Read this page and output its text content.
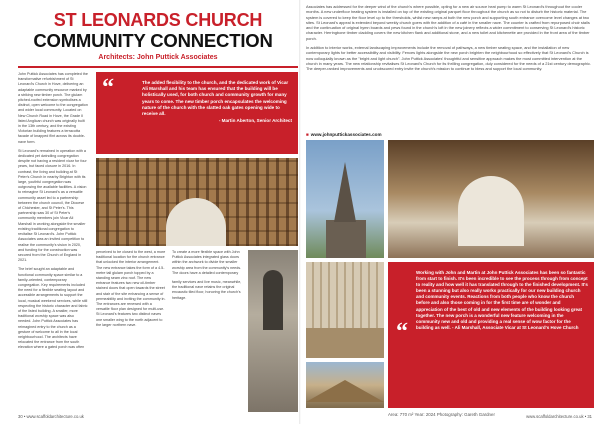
ST LEONARDS CHURCH
COMMUNITY CONNECTION
Architects: John Puttick Associates

John Puttick Associates has completed the transformative refurbishment of St Leonard's Church in Hove, delivering an adaptable community resource marked by a striking new timber porch. The glulam pitched-roofed extension symbolises a distinct, open welcome to the congregation and wider local community. Located on New Church Road in Hove, the Grade II listed Anglican church was originally built in the 13th century, and the existing Victorian building features a terracotta facade of knapped flint across its double-nave form.

St Leonard's remained in operation with a dedicated yet dwindling congregation despite not having a resident vicar for four years, but faced closure in 2016. In contrast, the living and building at St Peter's Church in nearby Brighton with its large, youthful congregation was outgrowing the available facilities. A vision to reimagine St Leonard's as a versatile community asset led to a partnership between the church council, the Diocese of Chichester, and St Peter's. This partnership saw 30 of St Peter's community members join Vicar Ali Marshall in working alongside the smaller existing traditional congregation to revitalise St Leonard's. John Puttick Associates was an invited competition to realise the community's vision in 2020, and funding for the construction was secured from the Church of England in 2021.

The brief sought an adaptable and functional community space similar to a family-oriented, contemporary congregation. Key requirements included the need for a flexible seating layout and accessible arrangements to support the local, musical weekend services, while still respecting the historic character and fabric of the listed building. A smaller, more traditional worship space was also needed. John Puttick Associates has reimagined entry to the church as a gesture of welcome to all in the local neighbourhood. The architects have relocated the entrance from the south elevation where a gated porch was often

“	The added flexibility to the church, and the dedicated work of Vicar Ali Marshall and his team has ensured that the building will be holistically used, for both church and community growth for many years to come. The new timber porch encapsulates the welcoming nature of the church with the slatted oak gates opening wide to receive all.
- Martin Aberton, Senior Architect

perceived to be closed to the west, a more traditional location for the church entrance that unlocked the interior arrangement. The new entrance takes the form of a 4.5-metre tall glulam porch topped by a standing seam zinc roof. The new entrance features two new oil-timber stained doors that open towards the street and stair of the site enhancing a sense of permeability and inviting the community in. The entrances are renewed with a versatile floor plan designed for multi-use. St Leonard's features two distinct naves one smaller wing to the north adjacent to the larger northern nave.

To create a more flexible space with John Puttick Associates integrated glass doors within the archwork to divide the smaller worship area from the community's needs. The doors have a detailed contemporary

family services and live music, meanwhile, the traditional nave retains the original encaustic tiled floor, honoring the church's heritage.

30 • www.scaffoldarchitecture.co.uk

Associates has addressed for the deeper wind of the church's where possible, opting for a new air source heat pump to warm St Leonard's throughout the cooler months. A new underfloor heating system is installed on top of the existing original parquet floor throughout the church as so not to disturb the historic material. The system is covered to keep the floor level up to the thresholds, whilst new ramps at both the new porch and supporting south entrance overcome level changes at two sites. St Leonard's appeal is extended beyond weekly church goers with the addition of a café in the smaller nave. The counter is crafted from repurposed choir stalls and the continuation of original hymn boards and pews found in the church's loft in the new joinery reflects a wider commitment to conserving St Leonard's historic character. Herringbone timber cladding covers the new kitchen flank and additional stone, and a new toilet and kitchenette are provided in the front area of the timber porch.

In addition to interior works, external landscaping improvements include the removal of pathways, a new timber seating space, and the installation of new contemporary lights for better accessibility and visibility. Fences lights alongside the new porch brighten the neighbourhood so effectively that St Leonard's Church is now colloquially known as the "bright and light church". John Puttick Associates' thoughtful and sensitive approach makes the most committed intervention at the church in many years. The new relationship revitalises St Leonard's Church for its thrilling congregation, duly considered for the needs of a 21st century demographic. The deeper-ranked improvements and unobscured entry invite the church's mission to continue to bless and support the local community.

■ www.johnputtickassociates.com
“
Working with John and Martin at John Puttick Associates has been so fantastic from start to finish. It's been incredible to see the process through from concept to reality and how well it has translated through to the finished development. It's been a stunning but also really works practically for our new building church and community events. Reactions from both people who know the church before and also those coming in for the first time are of wonder and appreciation of the best of old and new elements of the building looking great together. The new porch is a wonderful new feature welcoming in the community new and old and providing a real sense of wow factor for the building as well. - Ali Marshall, Associate Vicar at St Leonard's Hove Church
Area: 770 m² Year: 2024 Photography: Gareth Gardner	www.scaffoldarchitecture.co.uk • 31
